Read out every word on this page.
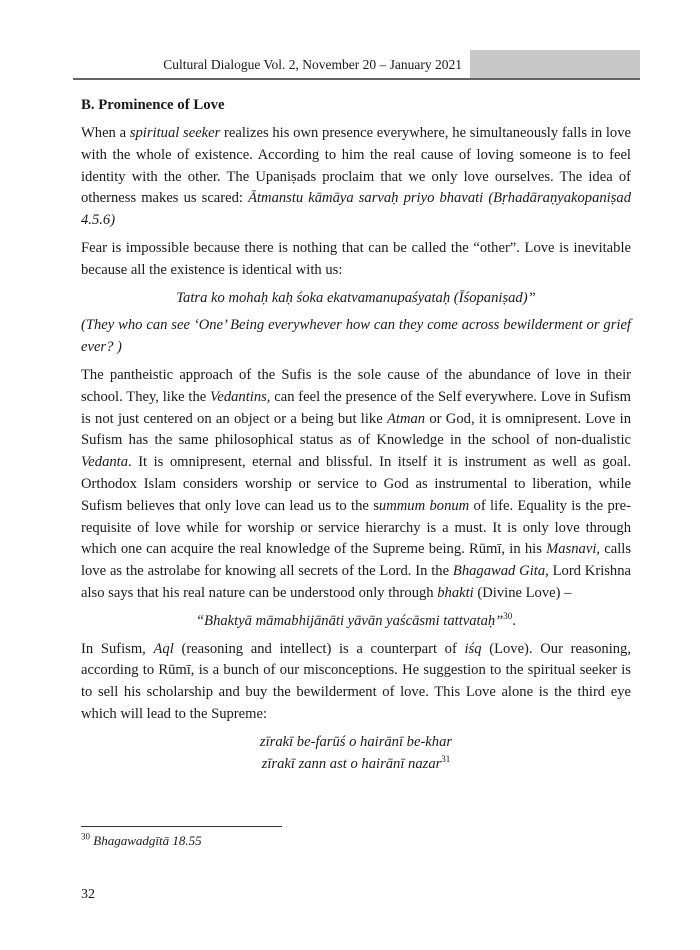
Cultural Dialogue Vol. 2, November 20 – January 2021
B. Prominence of Love

When a spiritual seeker realizes his own presence everywhere, he simultaneously falls in love with the whole of existence. According to him the real cause of loving someone is to feel identity with the other. The Upaniṣads proclaim that we only love ourselves. The idea of otherness makes us scared: Ātmanstu kāmāya sarvaḥ priyo bhavati (Bṛhadāraṇyakopaniṣad 4.5.6)

Fear is impossible because there is nothing that can be called the “other”. Love is inevitable because all the existence is identical with us:

Tatra ko mohaḥ kaḥ śoka ekatvamanupaśyataḥ (Īśopaniṣad)”

(They who can see ‘One’ Being everywhever how can they come across bewilderment or grief ever? )

The pantheistic approach of the Sufis is the sole cause of the abundance of love in their school. They, like the Vedantins, can feel the presence of the Self everywhere. Love in Sufism is not just centered on an object or a being but like Atman or God, it is omnipresent. Love in Sufism has the same philosophical status as of Knowledge in the school of non-dualistic Vedanta. It is omnipresent, eternal and blissful. In itself it is instrument as well as goal. Orthodox Islam considers worship or service to God as instrumental to liberation, while Sufism believes that only love can lead us to the summum bonum of life. Equality is the pre-requisite of love while for worship or service hierarchy is a must. It is only love through which one can acquire the real knowledge of the Supreme being. Rūmī, in his Masnavi, calls love as the astrolabe for knowing all secrets of the Lord. In the Bhagawad Gita, Lord Krishna also says that his real nature can be understood only through bhakti (Divine Love) –

“Bhaktyā māmabhijānāti yāvān yaścāsmi tattvataḥ”$^{30}$.

In Sufism, Aql (reasoning and intellect) is a counterpart of iśq (Love). Our reasoning, according to Rūmī, is a bunch of our misconceptions. He suggestion to the spiritual seeker is to sell his scholarship and buy the bewilderment of love. This Love alone is the third eye which will lead to the Supreme:

zīrakī be-farūś o hairānī be-khar

zīrakī zann ast o hairānī nazar$^{31}$

$^{30}$ Bhagawadgītā 18.55
32
